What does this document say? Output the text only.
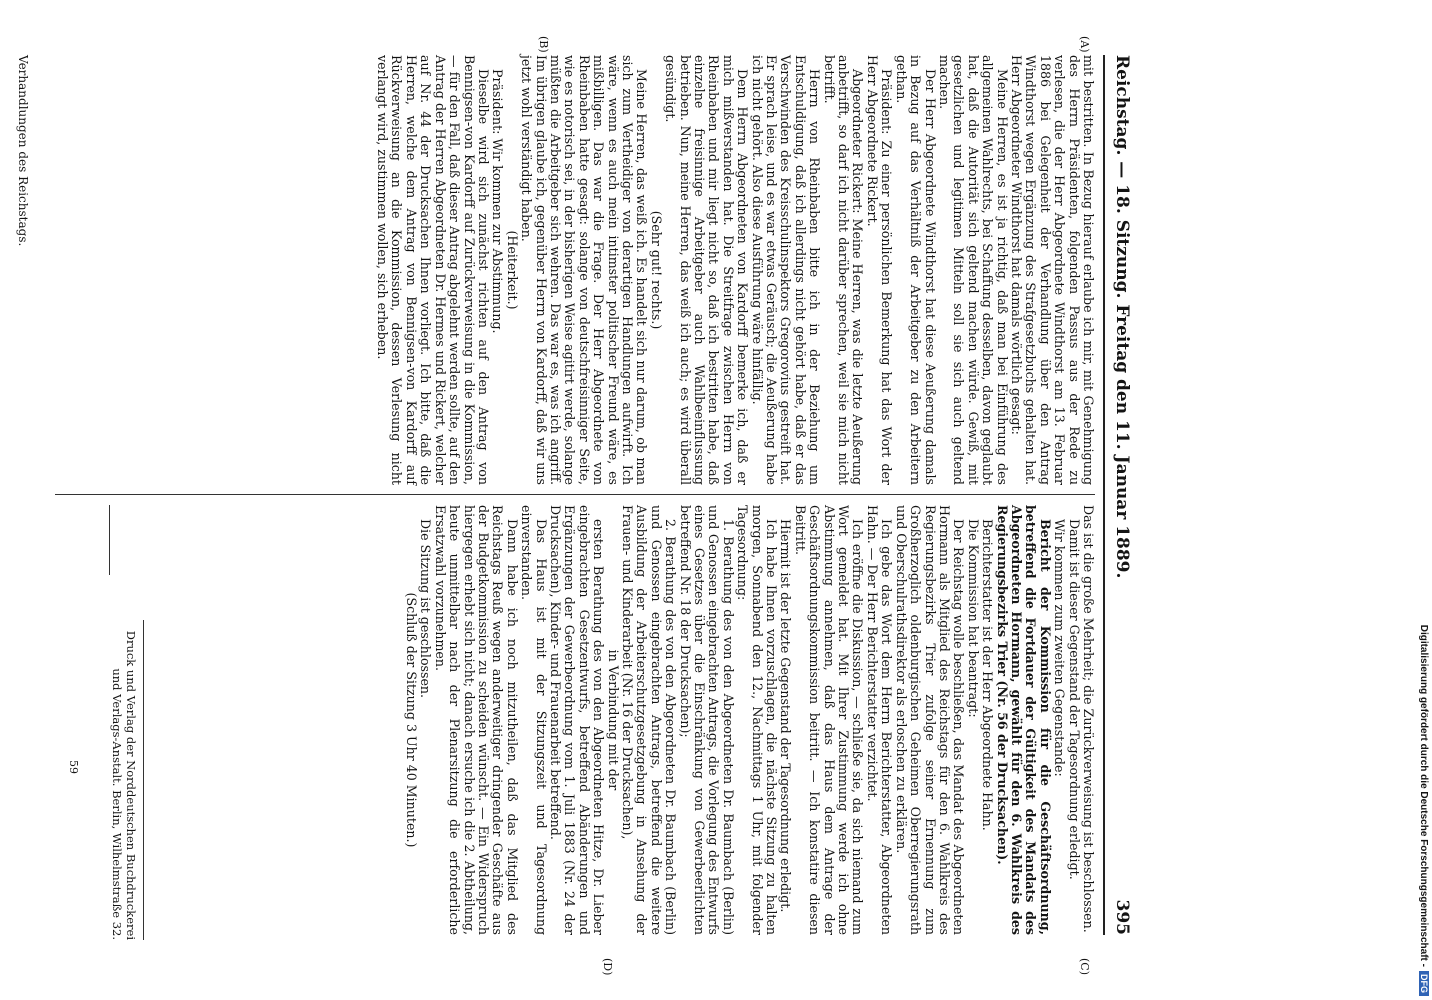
Reichstag. — 18. Sitzung. Freitag den 11. Januar 1889.
395
(A)
(B)
(C)
(D)

mit bestritten. In Bezug hierauf erlaube ich mir, mit Genehmigung des Herrn Präsidenten, folgenden Passus aus der Rede zu verlesen, die der Herr Abgeordnete Windthorst am 13. Februar 1886 bei Gelegenheit der Verhandlung über den Antrag Windthorst wegen Ergänzung des Strafgesetzbuchs gehalten hat. Herr Abgeordneter Windthorst hat damals wörtlich gesagt:

Meine Herren, es ist ja richtig, daß man bei Einführung des allgemeinen Wahlrechts, bei Schaffung desselben, davon geglaubt hat, daß die Autorität sich geltend machen würde. Gewiß, mit gesetzlichen und legitimen Mitteln soll sie sich auch geltend machen.

Der Herr Abgeordnete Windthorst hat diese Aeußerung damals in Bezug auf das Verhältniß der Arbeitgeber zu den Arbeitern gethan.

Präsident: Zu einer persönlichen Bemerkung hat das Wort der Herr Abgeordnete Rickert.

Abgeordneter Rickert: Meine Herren, was die letzte Aeußerung anbetrifft, so darf ich nicht darüber sprechen, weil sie mich nicht betrifft.

Herrn von Rheinbaben bitte ich in der Beziehung um Entschuldigung, daß ich allerdings nicht gehört habe, daß er das Verschwinden des Kreisschulinspektors Gregorovius gestreift hat. Er sprach leise, und es war etwas Geräusch; die Aeußerung habe ich nicht gehört. Also diese Ausführung wäre hinfällig.

Dem Herrn Abgeordneten von Kardorff bemerke ich, daß er mich mißverstanden hat. Die Streitfrage zwischen Herrn von Rheinbaben und mir liegt nicht so, daß ich bestritten habe, daß einzelne freisinnige Arbeitgeber auch Wahlbeeinflussung betrieben. Nun, meine Herren, das weiß ich auch; es wird überall gesündigt.

(Sehr gut! rechts.)

Meine Herren, das weiß ich. Es handelt sich nur darum, ob man sich zum Vertheidiger von derartigen Handlungen aufwirft. Ich wäre, wenn es auch mein intimster politischer Freund wäre, es mißbilligen. Das war die Frage. Der Herr Abgeordnete von Rheinbaben hatte gesagt: solange von deutschfreisinniger Seite, wie es notorisch sei, in der bisherigen Weise agitirt werde, solange müßten die Arbeitgeber sich wehren. Das war es, was ich angriff. Im übrigen glaube ich, gegenüber Herrn von Kardorff, daß wir uns jetzt wohl verständigt haben.

(Heiterkeit.)

Präsident: Wir kommen zur Abstimmung.

Dieselbe wird sich zunächst richten auf den Antrag von Bennigsen-von Kardorff auf Zurückverweisung in die Kommission, — für den Fall, daß dieser Antrag abgelehnt werden sollte, auf den Antrag der Herren Abgeordneten Dr. Hermes und Rickert, welcher auf Nr. 44 der Drucksachen Ihnen vorliegt. Ich bitte, daß die Herren, welche dem Antrag von Bennigsen-von Kardorff auf Rückverweisung an die Kommission, dessen Verlesung nicht verlangt wird, zustimmen wollen, sich erheben.

Das ist die große Mehrheit; die Zurückverweisung ist beschlossen.

Damit ist dieser Gegenstand der Tagesordnung erledigt.

Wir kommen zum zweiten Gegenstande:

Bericht der Kommission für die Geschäftsordnung, betreffend die Fortdauer der Gültigkeit des Mandats des Abgeordneten Hormann, gewählt für den 6. Wahlkreis des Regierungsbezirks Trier (Nr. 56 der Drucksachen).

Berichterstatter ist der Herr Abgeordnete Hahn.

Die Kommission hat beantragt:

Der Reichstag wolle beschließen, das Mandat des Abgeordneten Hormann als Mitglied des Reichstags für den 6. Wahlkreis des Regierungsbezirks Trier zufolge seiner Ernennung zum Großherzoglich oldenburgischen Geheimen Oberregierungsrath und Oberschulrathsdirektor als erloschen zu erklären.

Ich gebe das Wort dem Herrn Berichterstatter, Abgeordneten Hahn. — Der Herr Berichterstatter verzichtet.

Ich eröffne die Diskussion, — schließe sie, da sich niemand zum Wort gemeldet hat. Mit Ihrer Zustimmung werde ich ohne Abstimmung annehmen, daß das Haus dem Antrage der Geschäftsordnungskommission beitritt. — Ich konstatire diesen Beitritt.

Hiermit ist der letzte Gegenstand der Tagesordnung erledigt.

Ich habe Ihnen vorzuschlagen, die nächste Sitzung zu halten morgen, Sonnabend den 12., Nachmittags 1 Uhr, mit folgender Tagesordnung:

1. Berathung des von den Abgeordneten Dr. Baumbach (Berlin) und Genossen eingebrachten Antrags, die Vorlegung des Entwurfs eines Gesetzes über die Einschränkung von Gewerbeerlichten betreffend Nr. 18 der Drucksachen);

2. Berathung des von den Abgeordneten Dr. Baumbach (Berlin) und Genossen eingebrachten Antrags, betreffend die weitere Ausbildung der Arbeiterschutzgesetzgebung in Ansehung der Frauen- und Kinderarbeit (Nr. 16 der Drucksachen),

in Verbindung mit der

ersten Berathung des von den Abgeordneten Hitze, Dr. Lieber eingebrachten Gesetzentwurfs, betreffend Abänderungen und Ergänzungen der Gewerbeordnung vom 1. Juli 1883 (Nr. 24 der Drucksachen), Kinder- und Frauenarbeit betreffend.

Das Haus ist mit der Sitzungszeit und Tagesordnung einverstanden.

Dann habe ich noch mitzutheilen, daß das Mitglied des Reichstags Reuß wegen anderweitiger dringender Geschäfte aus der Budgetkommission zu scheiden wünscht. — Ein Widerspruch hiergegen erhebt sich nicht; danach ersuche ich die 2. Abtheilung, heute unmittelbar nach der Plenarsitzung die erforderliche Ersatzwahl vorzunehmen.

Die Sitzung ist geschlossen.

(Schluß der Sitzung 3 Uhr 40 Minuten.)

Verhandlungen des Reichstags.
Druck und Verlag der Norddeutschen Buchdruckerei und Verlags-Anstalt. Berlin, Wilhelmstraße 32.
59	Digitalisierung gefördert durch die Deutsche Forschungsgemeinschaft -DFG
